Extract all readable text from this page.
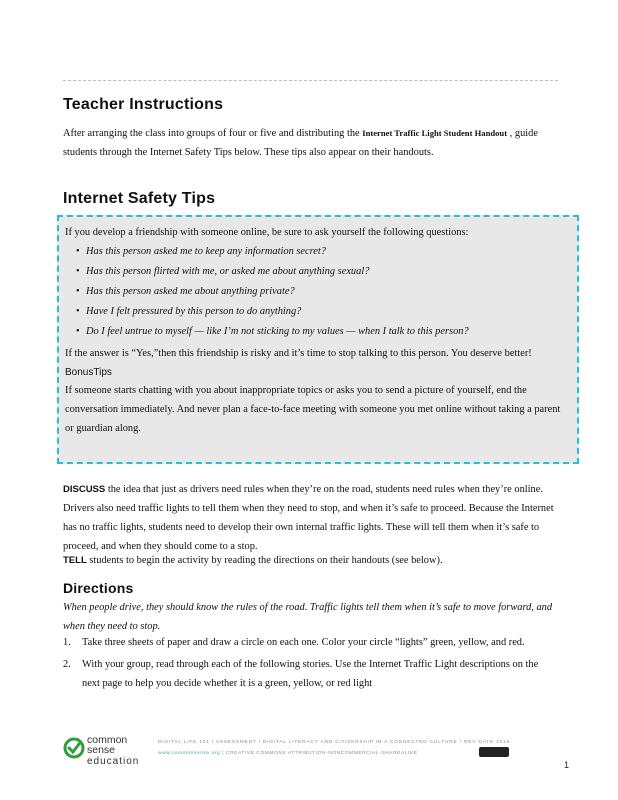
Teacher Instructions

After arranging the class into groups of four or five and distributing the Internet Traffic Light Student Handout , guide students through the Internet Safety Tips below. These tips also appear on their handouts.

Internet Safety Tips

If you develop a friendship with someone online, be sure to ask yourself the following questions:

• Has this person asked me to keep any information secret?
• Has this person flirted with me, or asked me about anything sexual?
• Has this person asked me about anything private?
• Have I felt pressured by this person to do anything?
• Do I feel untrue to myself — like I’m not sticking to my values — when I talk to this person?

If the answer is “Yes,”then this friendship is risky and it’s time to stop talking to this person. You deserve better!

BonusTips

If someone starts chatting with you about inappropriate topics or asks you to send a picture of yourself, end the conversation immediately. And never plan a face-to-face meeting with someone you met online without taking a parent or guardian along.

DISCUSS the idea that just as drivers need rules when they’re on the road, students need rules when they’re online. Drivers also need traffic lights to tell them when they need to stop, and when it’s safe to proceed. Because the Internet has no traffic lights, students need to develop their own internal traffic lights. These will tell them when it’s safe to proceed, and when they should come to a stop.

TELL students to begin the activity by reading the directions on their handouts (see below).

Directions

When people drive, they should know the rules of the road. Traffic lights tell them when it’s safe to move forward, and when they need to stop.

1. Take three sheets of paper and draw a circle on each one. Color your circle “lights” green, yellow, and red.
2. With your group, read through each of the following stories. Use the Internet Traffic Light descriptions on the next page to help you decide whether it is a green, yellow, or red light
common
sense
education
DIGITAL LIFE 101 / ASSESSMENT / DIGITAL LITERACY AND CITIZENSHIP IN A CONNECTED CULTURE / REV DATE 2015
www.commonsense.org | CREATIVE COMMONS ATTRIBUTION-NONCOMMERCIAL-SHAREALIKE
1
